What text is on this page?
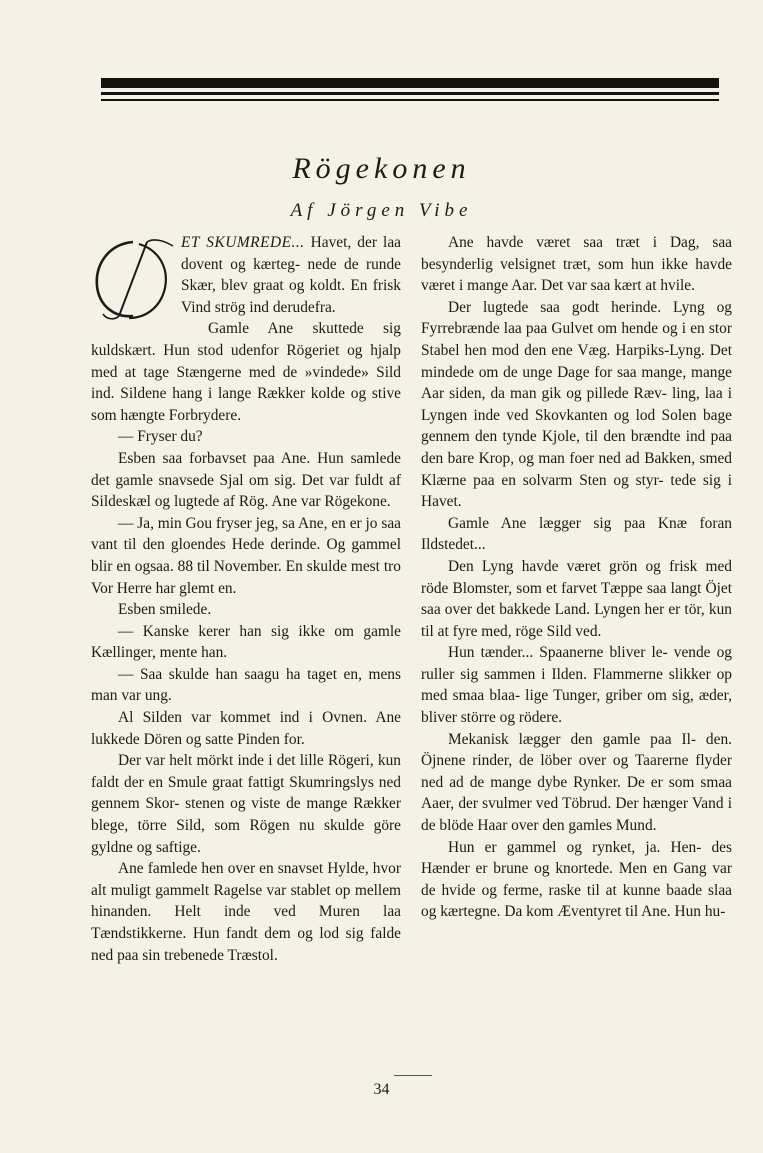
Rögekonen
Af Jörgen Vibe

D
ET SKUMREDE... Havet, der laa dovent og kærteg- nede de runde Skær, blev graat og koldt. En frisk Vind strög ind derudefra.

Gamle Ane skuttede sig kuldskært. Hun stod udenfor Rögeriet og hjalp med at tage Stængerne med de »vindede» Sild ind. Sildene hang i lange Rækker kolde og stive som hængte Forbrydere.

— Fryser du?

Esben saa forbavset paa Ane. Hun samlede det gamle snavsede Sjal om sig. Det var fuldt af Sildeskæl og lugtede af Rög. Ane var Rögekone.

— Ja, min Gou fryser jeg, sa Ane, en er jo saa vant til den gloendes Hede derinde. Og gammel blir en ogsaa. 88 til November. En skulde mest tro Vor Herre har glemt en.

Esben smilede.

— Kanske kerer han sig ikke om gamle Kællinger, mente han.

— Saa skulde han saagu ha taget en, mens man var ung.

Al Silden var kommet ind i Ovnen. Ane lukkede Dören og satte Pinden for.

Der var helt mörkt inde i det lille Rögeri, kun faldt der en Smule graat fattigt Skumringslys ned gennem Skor- stenen og viste de mange Rækker blege, törre Sild, som Rögen nu skulde göre gyldne og saftige.

Ane famlede hen over en snavset Hylde, hvor alt muligt gammelt Ragelse var stablet op mellem hinanden. Helt inde ved Muren laa Tændstikkerne. Hun fandt dem og lod sig falde ned paa sin trebenede Træstol.

Ane havde været saa træt i Dag, saa besynderlig velsignet træt, som hun ikke havde været i mange Aar. Det var saa kært at hvile.

Der lugtede saa godt herinde. Lyng og Fyrrebrænde laa paa Gulvet om hende og i en stor Stabel hen mod den ene Væg. Harpiks-Lyng. Det mindede om de unge Dage for saa mange, mange Aar siden, da man gik og pillede Ræv- ling, laa i Lyngen inde ved Skovkanten og lod Solen bage gennem den tynde Kjole, til den brændte ind paa den bare Krop, og man foer ned ad Bakken, smed Klærne paa en solvarm Sten og styr- tede sig i Havet.

Gamle Ane lægger sig paa Knæ foran Ildstedet...

Den Lyng havde været grön og frisk med röde Blomster, som et farvet Tæppe saa langt Öjet saa over det bakkede Land. Lyngen her er tör, kun til at fyre med, röge Sild ved.

Hun tænder... Spaanerne bliver le- vende og ruller sig sammen i Ilden. Flammerne slikker op med smaa blaa- lige Tunger, griber om sig, æder, bliver större og rödere.

Mekanisk lægger den gamle paa Il- den. Öjnene rinder, de löber over og Taarerne flyder ned ad de mange dybe Rynker. De er som smaa Aaer, der svulmer ved Töbrud. Der hænger Vand i de blöde Haar over den gamles Mund.

Hun er gammel og rynket, ja. Hen- des Hænder er brune og knortede. Men en Gang var de hvide og ferme, raske til at kunne baade slaa og kærtegne. Da kom Æventyret til Ane. Hun hu-

34
